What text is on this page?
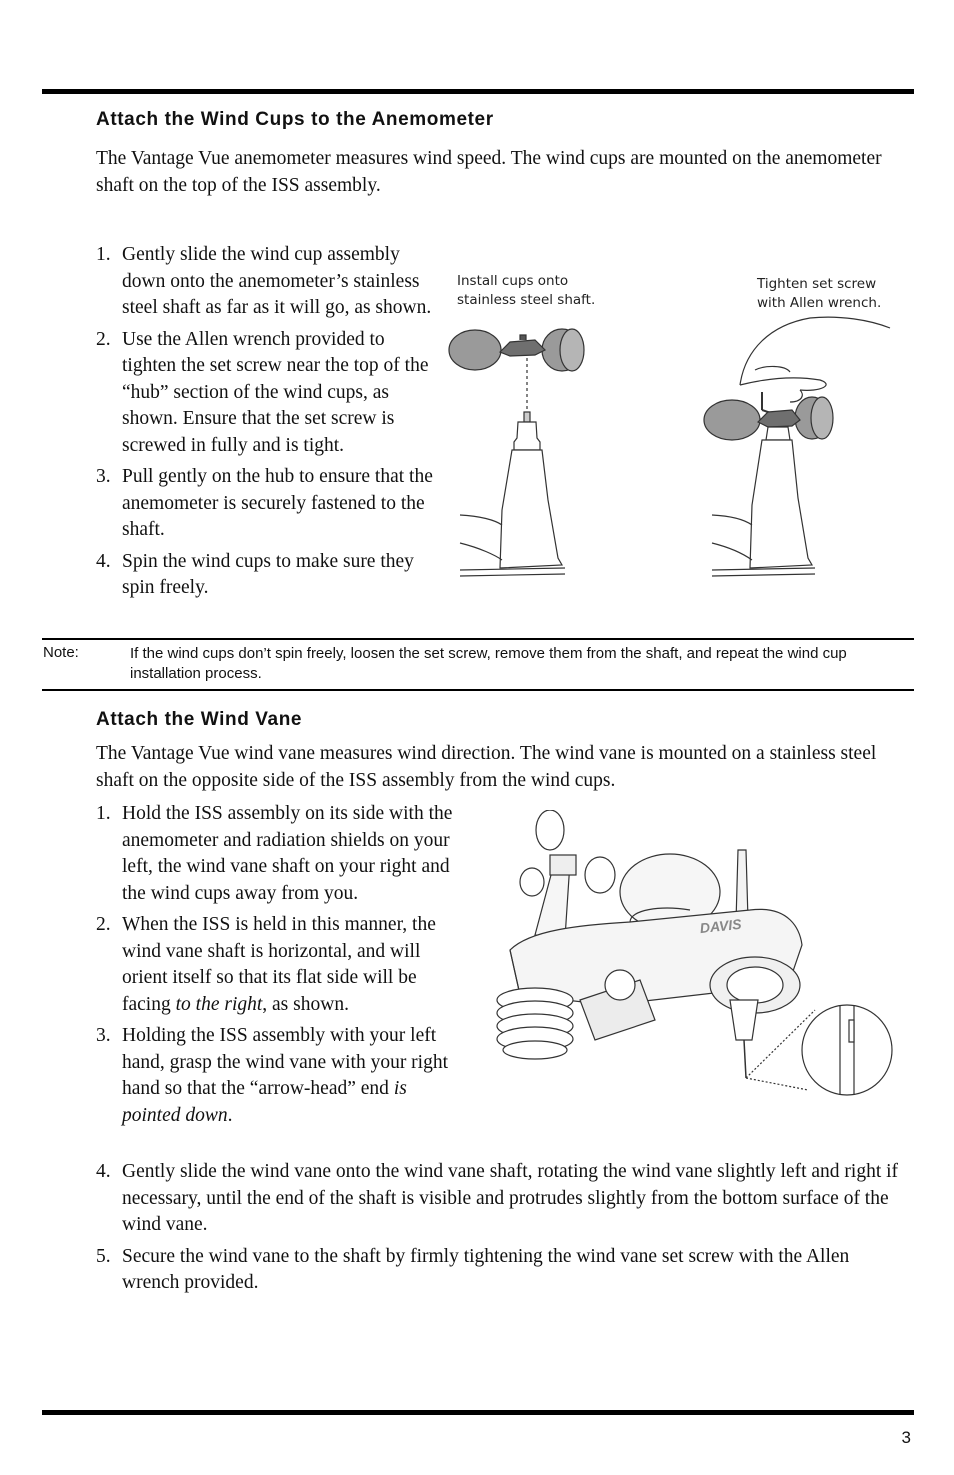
Attach the Wind Cups to the Anemometer

The Vantage Vue anemometer measures wind speed. The wind cups are mounted on the anemometer shaft on the top of the ISS assembly.

1. Gently slide the wind cup assembly down onto the anemometer’s stainless steel shaft as far as it will go, as shown.
2. Use the Allen wrench provided to tighten the set screw near the top of the “hub” section of the wind cups, as shown. Ensure that the set screw is screwed in fully and is tight.
3. Pull gently on the hub to ensure that the anemometer is securely fastened to the shaft.
4. Spin the wind cups to make sure they spin freely.
Install cups onto
stainless steel shaft.
Tighten set screw
with Allen wrench.
Note:	If the wind cups don’t spin freely, loosen the set screw, remove them from the shaft, and repeat the wind cup installation process.
Attach the Wind Vane

The Vantage Vue wind vane measures wind direction. The wind vane is mounted on a stainless steel shaft on the opposite side of the ISS assembly from the wind cups.

1. Hold the ISS assembly on its side with the anemometer and radiation shields on your left, the wind vane shaft on your right and the wind cups away from you.
2. When the ISS is held in this manner, the wind vane shaft is horizontal, and will orient itself so that its flat side will be facing to the right, as shown.
3. Holding the ISS assembly with your left hand, grasp the wind vane with your right hand so that the “arrow-head” end is pointed down.
4. Gently slide the wind vane onto the wind vane shaft, rotating the wind vane slightly left and right if necessary, until the end of the shaft is visible and protrudes slightly from the bottom surface of the wind vane.
5. Secure the wind vane to the shaft by firmly tightening the wind vane set screw with the Allen wrench provided.
DAVIS
3
